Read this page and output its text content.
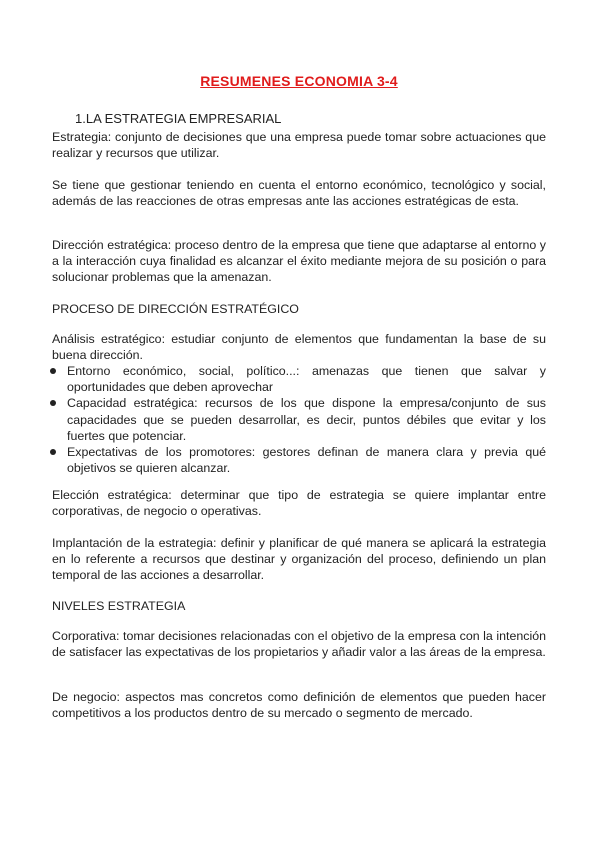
RESUMENES ECONOMIA 3-4
1.LA ESTRATEGIA EMPRESARIAL
Estrategia: conjunto de decisiones que una empresa puede tomar sobre actuaciones que realizar y recursos que utilizar.
Se tiene que gestionar teniendo en cuenta el entorno económico, tecnológico y social, además de las reacciones de otras empresas ante las acciones estratégicas de esta.
Dirección estratégica: proceso dentro de la empresa que tiene que adaptarse al entorno y a la interacción cuya finalidad es alcanzar el éxito mediante mejora de su posición o para solucionar problemas que la amenazan.
PROCESO DE DIRECCIÓN ESTRATÉGICO
Análisis estratégico: estudiar conjunto de elementos que fundamentan la base de su buena dirección.
Entorno económico, social, político...: amenazas que tienen que salvar y oportunidades que deben aprovechar
Capacidad estratégica: recursos de los que dispone la empresa/conjunto de sus capacidades que se pueden desarrollar, es decir, puntos débiles que evitar y los fuertes que potenciar.
Expectativas de los promotores: gestores definan de manera clara y previa qué objetivos se quieren alcanzar.
Elección estratégica: determinar que tipo de estrategia se quiere implantar entre corporativas, de negocio o operativas.
Implantación de la estrategia: definir y planificar de qué manera se aplicará la estrategia en lo referente a recursos que destinar y organización del proceso, definiendo un plan temporal de las acciones a desarrollar.
NIVELES ESTRATEGIA
Corporativa: tomar decisiones relacionadas con el objetivo de la empresa con la intención de satisfacer las expectativas de los propietarios y añadir valor a las áreas de la empresa.
De negocio: aspectos mas concretos como definición de elementos que pueden hacer competitivos a los productos dentro de su mercado o segmento de mercado.
